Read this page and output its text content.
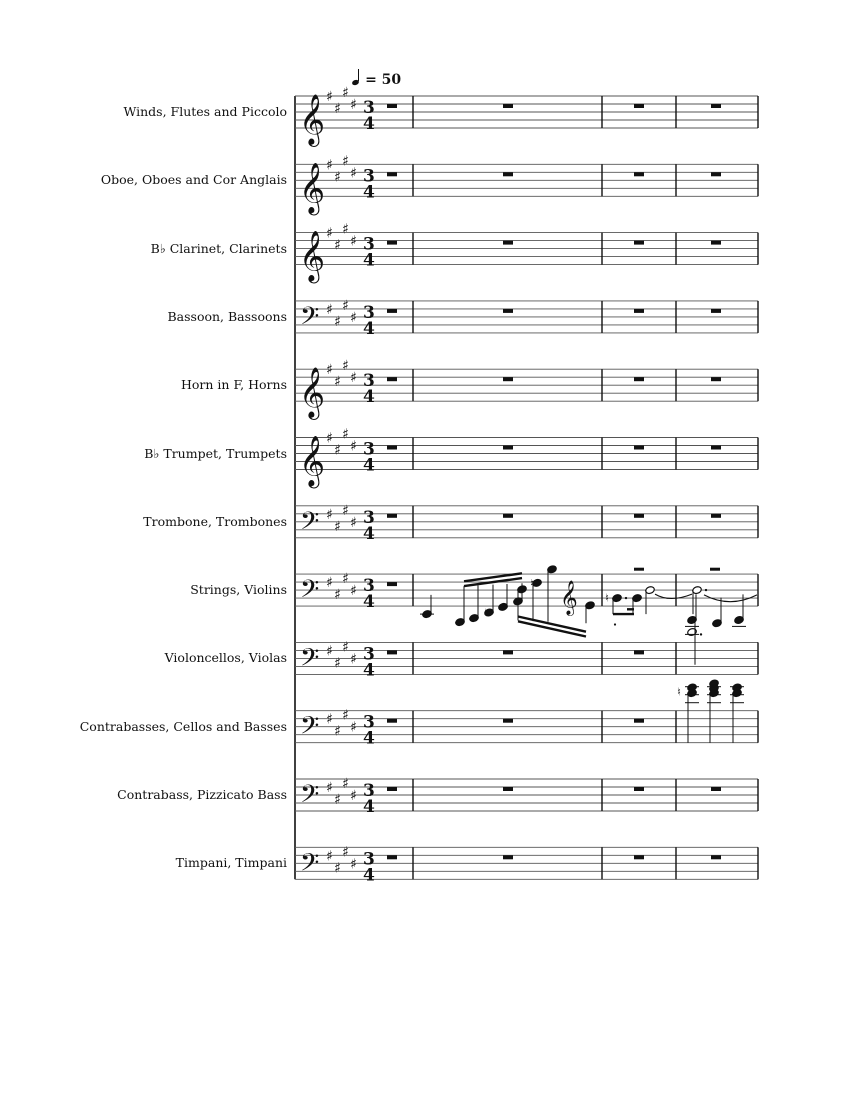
= 50
Winds, Flutes and Piccolo
Oboe, Oboes and Cor Anglais
B♭ Clarinet, Clarinets
Bassoon, Bassoons
Horn in F, Horns
B♭ Trumpet, Trumpets
Trombone, Trombones
Strings, Violins
Violoncellos, Violas
Contrabasses, Cellos and Basses
Contrabass, Pizzicato Bass
Timpani, Timpani
𝄞 ♯
♯
♯
♯ 3
4
𝄞 ♯
♯
♯
♯ 3
4
𝄞 ♯
♯
♯
♯ 3
4
𝄢 ♯
♯
♯
♯ 3
4
𝄞 ♯
♯
♯
♯ 3
4
𝄞 ♯
♯
♯
♯ 3
4
𝄢 ♯
♯
♯
♯ 3
4
𝄢 ♯
♯
♯
♯ 3
4
𝄢 ♯
♯
♯
♯ 3
4
𝄢 ♯
♯
♯
♯ 3
4
𝄢 ♯
♯
♯
♯ 3
4
𝄢 ♯
♯
♯
♯ 3
4
♮
♮ 𝄞 ♮
♮
